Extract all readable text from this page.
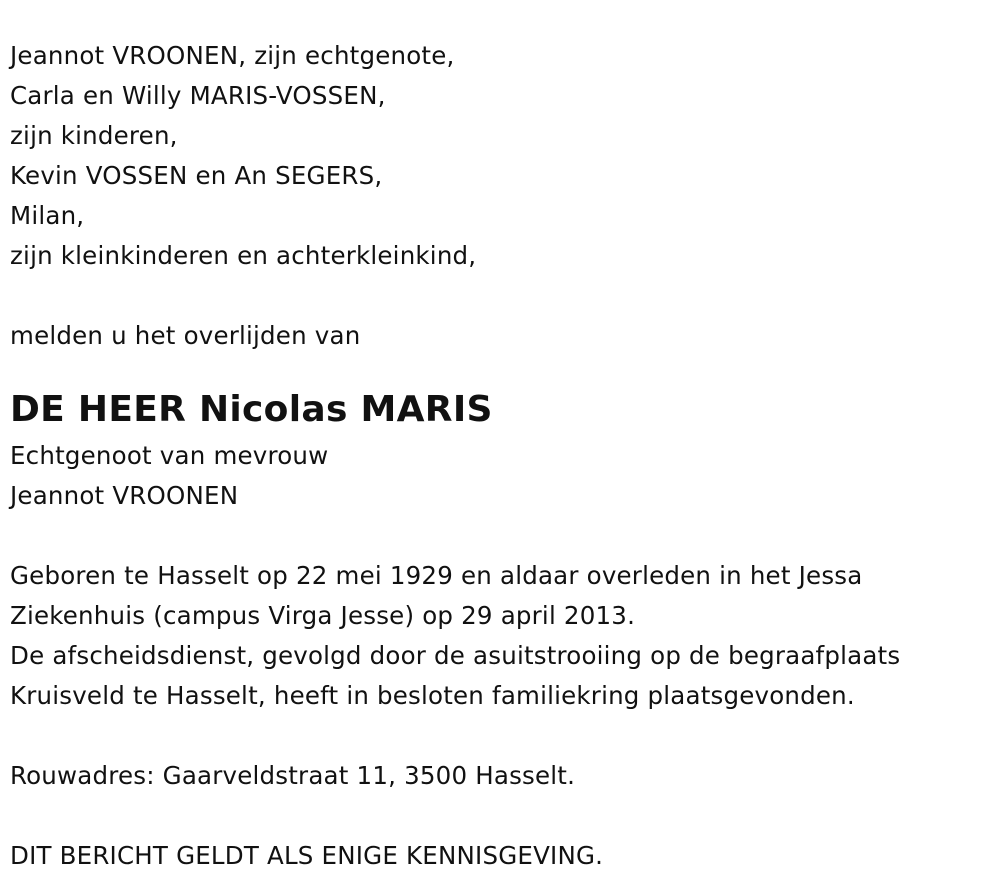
Jeannot VROONEN, zijn echtgenote,
Carla en Willy MARIS-VOSSEN,
zijn kinderen,
Kevin VOSSEN en An SEGERS,
Milan,
zijn kleinkinderen en achterkleinkind,
melden u het overlijden van
DE HEER Nicolas MARIS
Echtgenoot van mevrouw
Jeannot VROONEN
Geboren te Hasselt op 22 mei 1929 en aldaar overleden in het Jessa
Ziekenhuis (campus Virga Jesse) op 29 april 2013.
De afscheidsdienst, gevolgd door de asuitstrooiing op de begraafplaats
Kruisveld te Hasselt, heeft in besloten familiekring plaatsgevonden.
Rouwadres: Gaarveldstraat 11, 3500 Hasselt.
DIT BERICHT GELDT ALS ENIGE KENNISGEVING.
